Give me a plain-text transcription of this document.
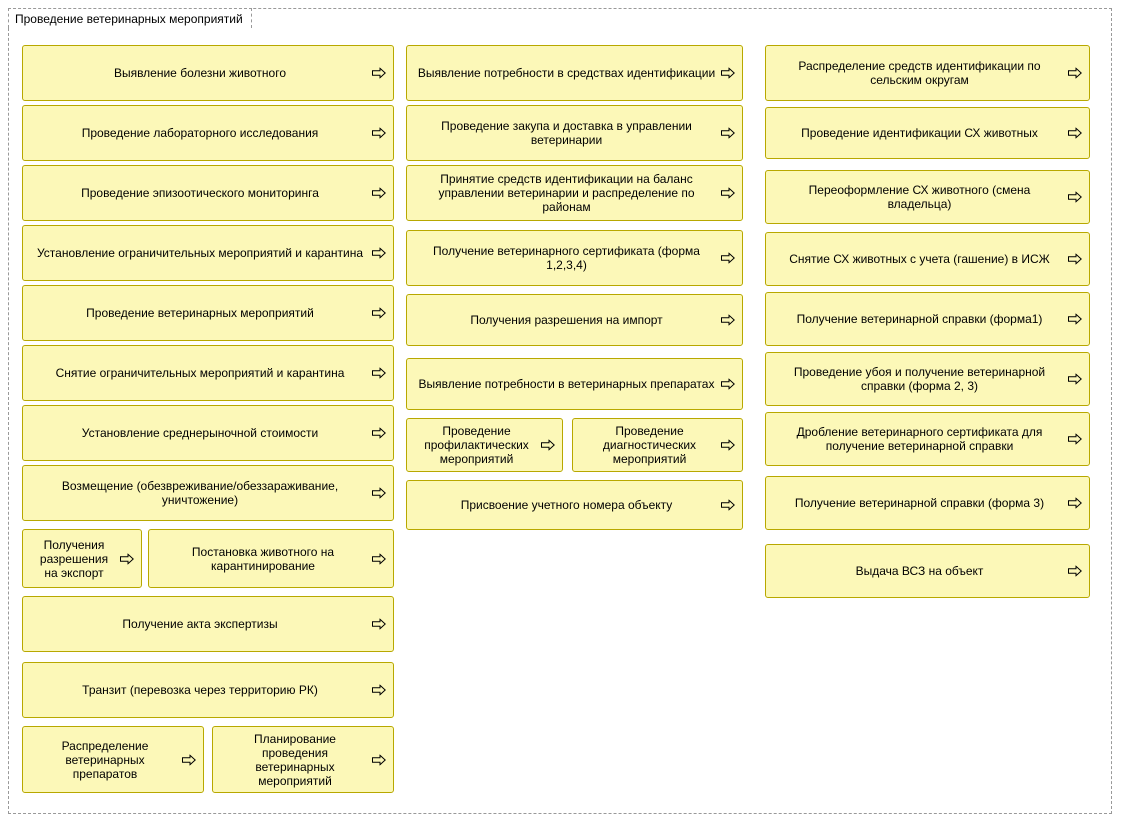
Проведение ветеринарных мероприятий
Выявление болезни животного
Проведение лабораторного исследования
Проведение эпизоотического мониторинга
Установление ограничительных мероприятий и карантина
Проведение ветеринарных мероприятий
Снятие ограничительных мероприятий и карантина
Установление среднерыночной стоимости
Возмещение (обезвреживание/обеззараживание, уничтожение)
Получения разрешения на экспорт
Постановка животного на карантинирование
Получение акта экспертизы
Транзит (перевозка через территорию РК)
Распределение ветеринарных препаратов
Планирование проведения ветеринарных мероприятий
Выявление потребности в средствах идентификации
Проведение закупа и доставка в управлении ветеринарии
Принятие средств идентификации на баланс управлении ветеринарии и распределение по районам
Получение ветеринарного сертификата (форма 1,2,3,4)
Получения разрешения на импорт
Выявление потребности в ветеринарных препаратах
Проведение профилактических мероприятий
Проведение диагностических мероприятий
Присвоение учетного номера объекту
Распределение средств идентификации по сельским округам
Проведение идентификации СХ животных
Переоформление СХ животного (смена владельца)
Снятие СХ животных с учета (гашение) в ИСЖ
Получение ветеринарной справки (форма1)
Проведение убоя и получение ветеринарной справки (форма 2, 3)
Дробление ветеринарного сертификата для получение ветеринарной справки
Получение ветеринарной справки (форма 3)
Выдача ВСЗ на объект
